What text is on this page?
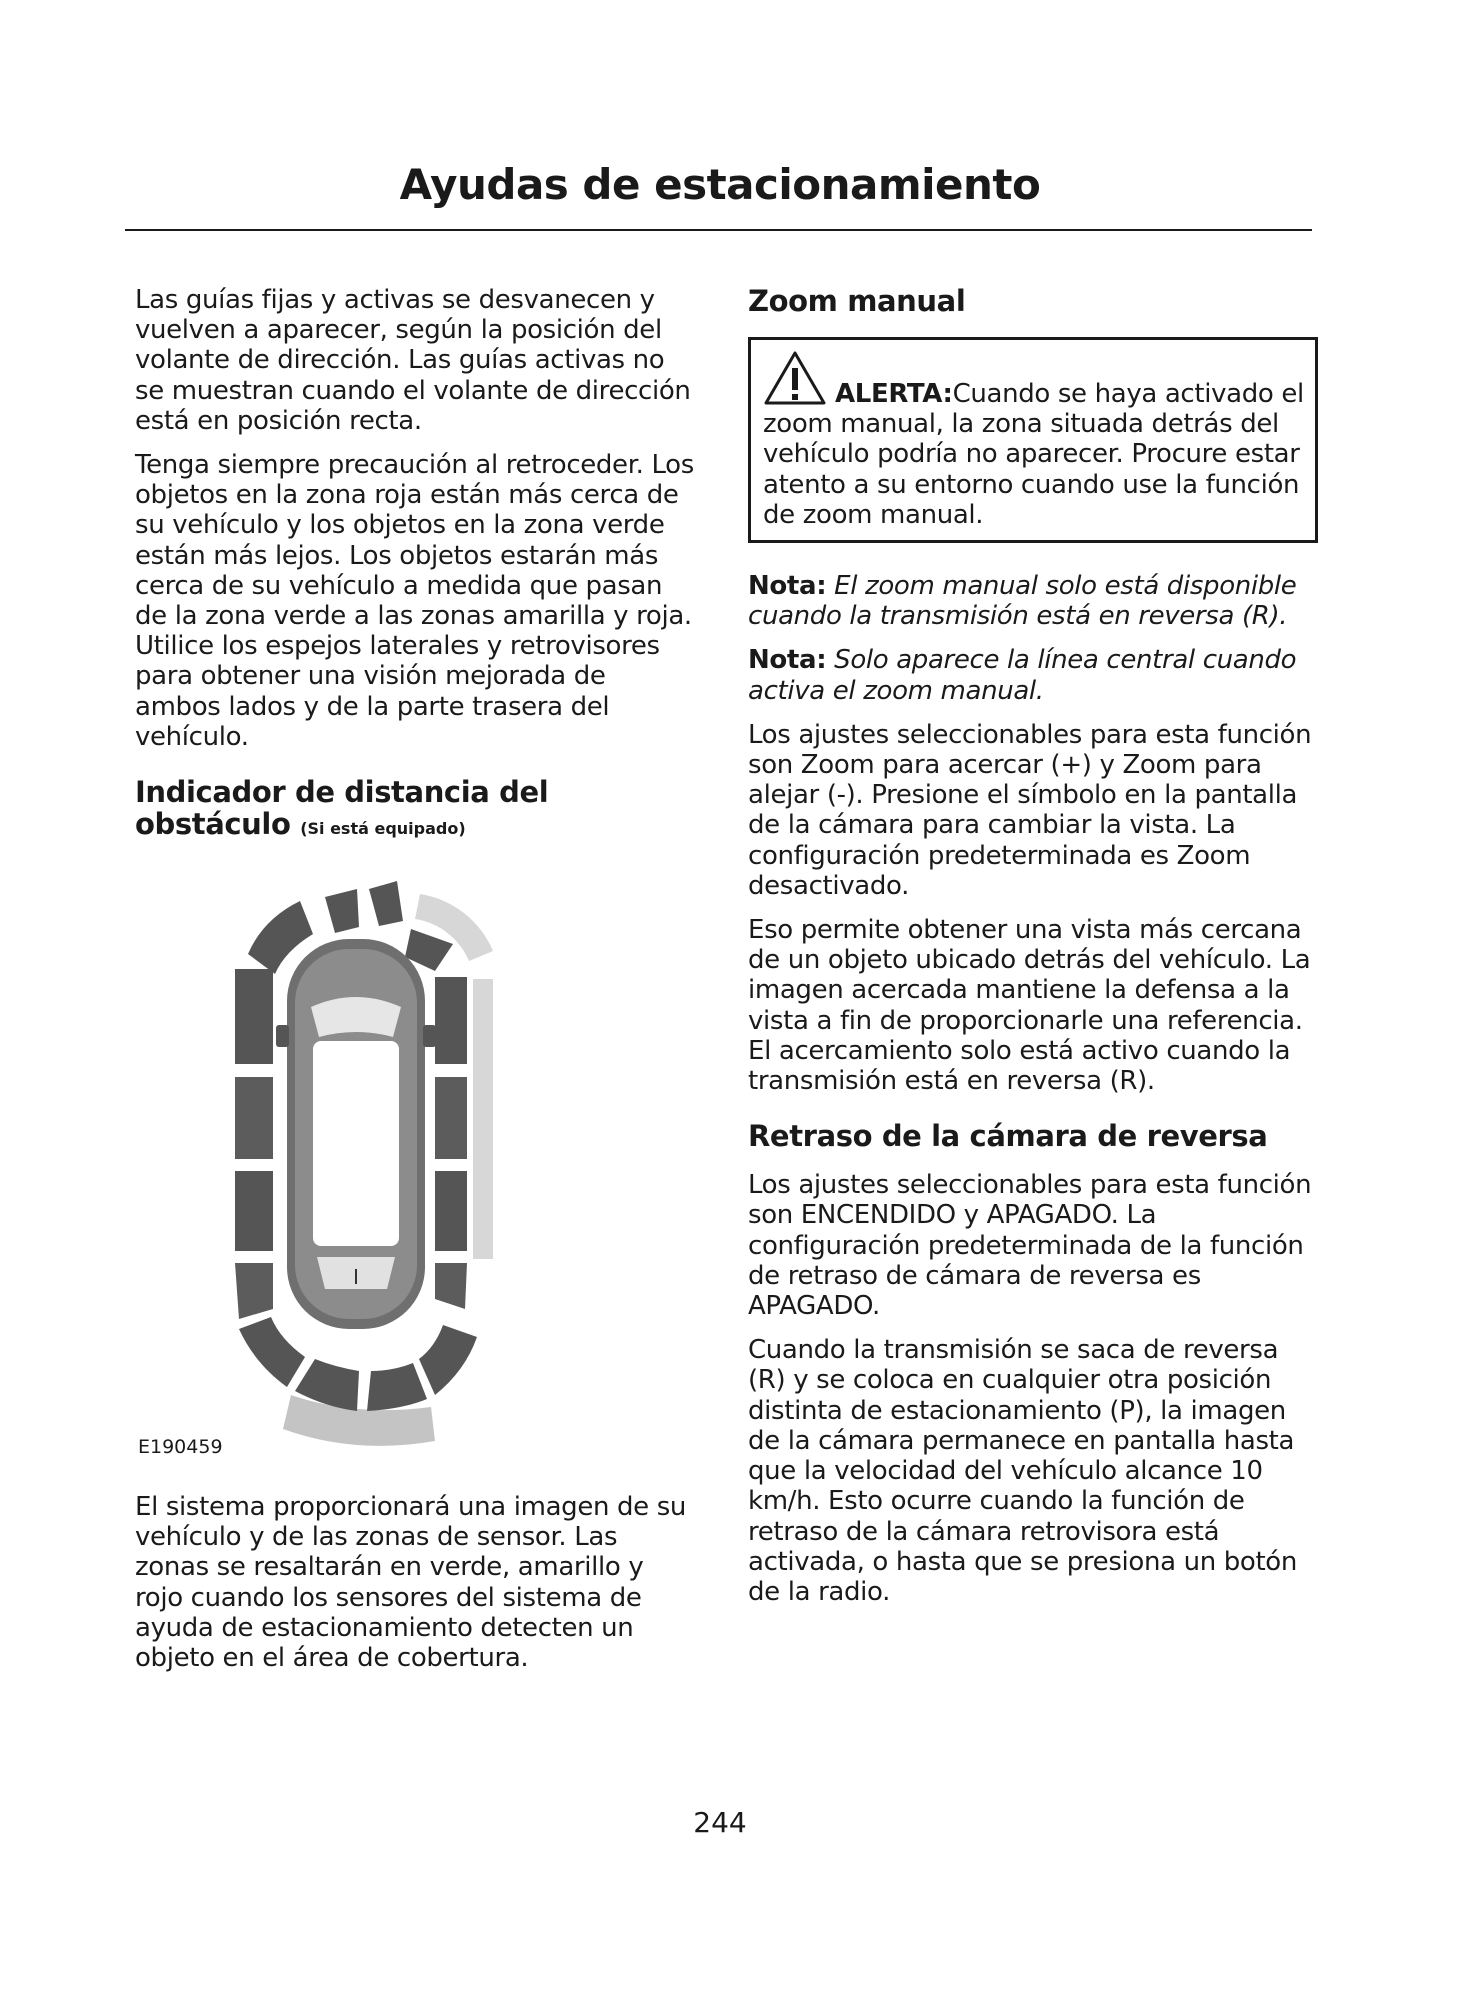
Ayudas de estacionamiento

Las guías fijas y activas se desvanecen y vuelven a aparecer, según la posición del volante de dirección. Las guías activas no se muestran cuando el volante de dirección está en posición recta.

Tenga siempre precaución al retroceder. Los objetos en la zona roja están más cerca de su vehículo y los objetos en la zona verde están más lejos. Los objetos estarán más cerca de su vehículo a medida que pasan de la zona verde a las zonas amarilla y roja. Utilice los espejos laterales y retrovisores para obtener una visión mejorada de ambos lados y de la parte trasera del vehículo.

Indicador de distancia del obstáculo (Si está equipado)
E190459

El sistema proporcionará una imagen de su vehículo y de las zonas de sensor. Las zonas se resaltarán en verde, amarillo y rojo cuando los sensores del sistema de ayuda de estacionamiento detecten un objeto en el área de cobertura.

Zoom manual

ALERTA:Cuando se haya activado el zoom manual, la zona situada detrás del vehículo podría no aparecer. Procure estar atento a su entorno cuando use la función de zoom manual.

Nota: El zoom manual solo está disponible cuando la transmisión está en reversa (R).

Nota: Solo aparece la línea central cuando activa el zoom manual.

Los ajustes seleccionables para esta función son Zoom para acercar (+) y Zoom para alejar (-). Presione el símbolo en la pantalla de la cámara para cambiar la vista. La configuración predeterminada es Zoom desactivado.

Eso permite obtener una vista más cercana de un objeto ubicado detrás del vehículo. La imagen acercada mantiene la defensa a la vista a fin de proporcionarle una referencia. El acercamiento solo está activo cuando la transmisión está en reversa (R).

Retraso de la cámara de reversa

Los ajustes seleccionables para esta función son ENCENDIDO y APAGADO. La configuración predeterminada de la función de retraso de cámara de reversa es APAGADO.

Cuando la transmisión se saca de reversa (R) y se coloca en cualquier otra posición distinta de estacionamiento (P), la imagen de la cámara permanece en pantalla hasta que la velocidad del vehículo alcance 10 km/h. Esto ocurre cuando la función de retraso de la cámara retrovisora está activada, o hasta que se presiona un botón de la radio.

244
